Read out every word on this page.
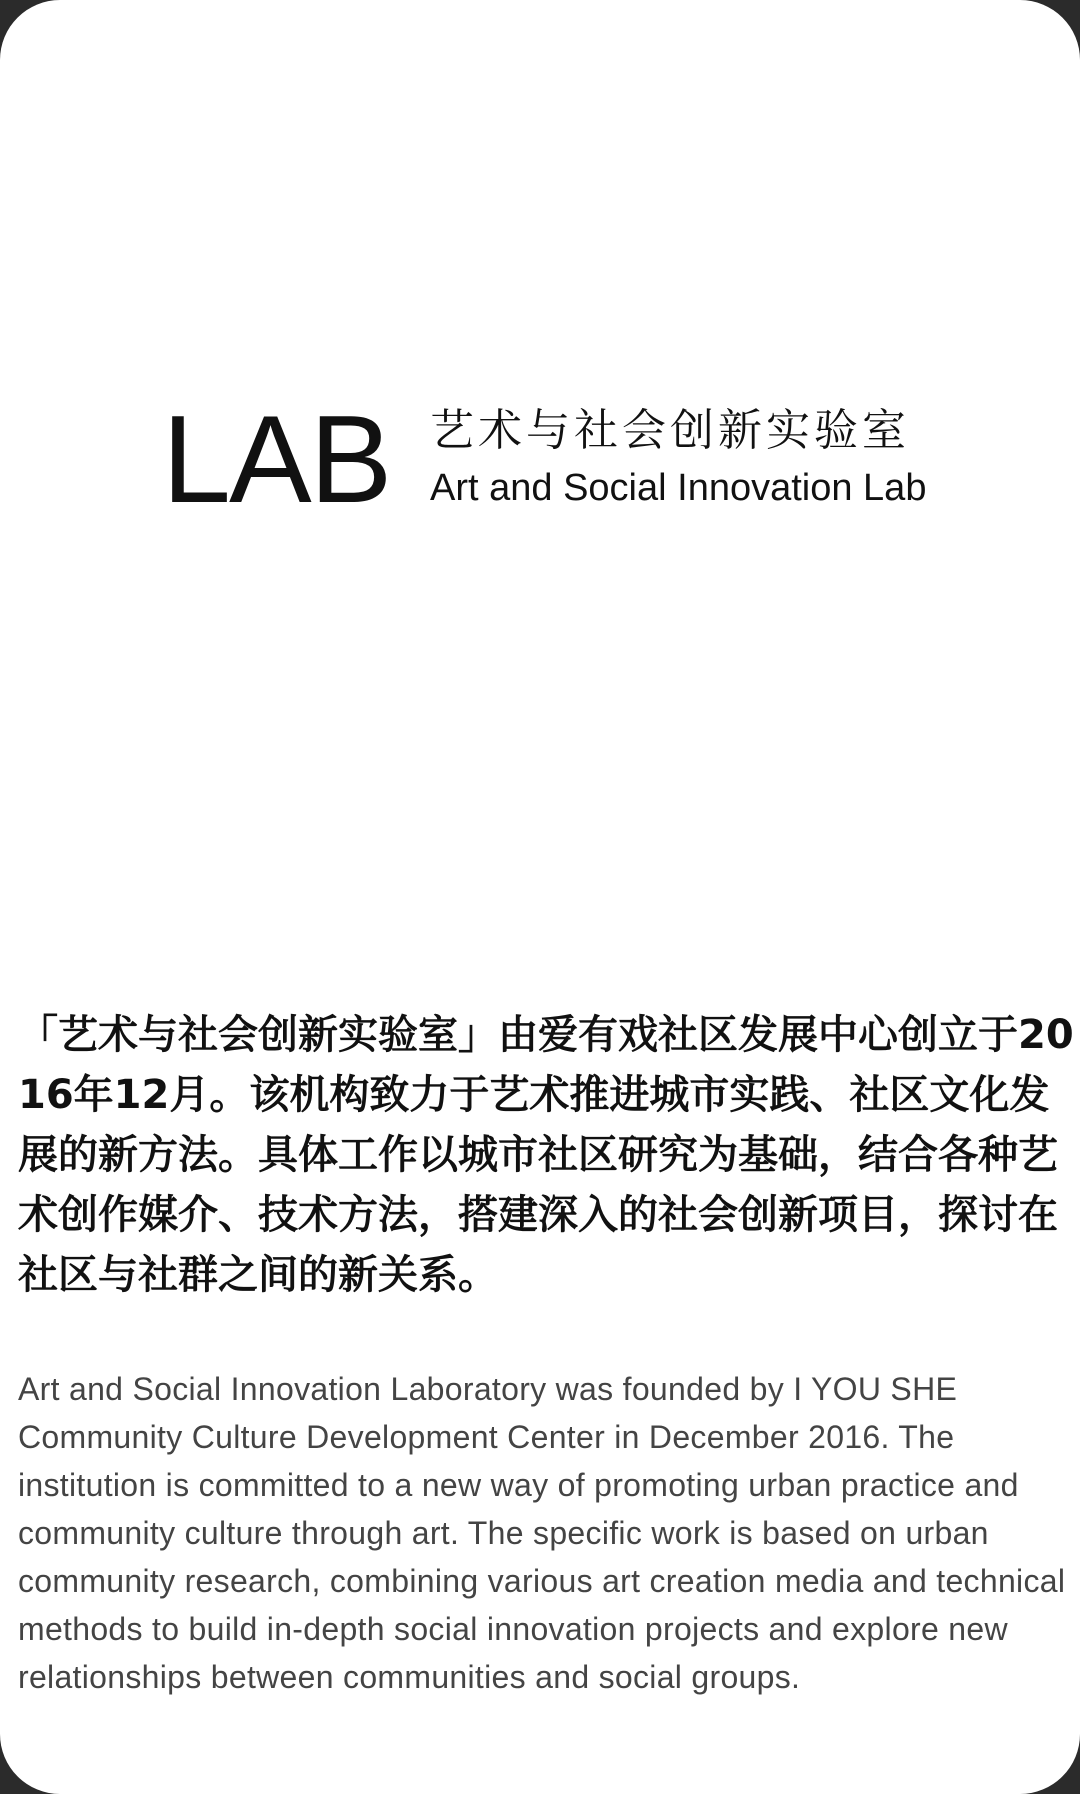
LAB 艺术与社会创新实验室
Art and Social Innovation Lab
「艺术与社会创新实验室」由爱有戏社区发展中心创立于2016年12月。该机构致力于艺术推进城市实践、社区文化发展的新方法。具体工作以城市社区研究为基础，结合各种艺术创作媒介、技术方法，搭建深入的社会创新项目，探讨在社区与社群之间的新关系。
Art and Social Innovation Laboratory was founded by I YOU SHE Community Culture Development Center in December 2016. The institution is committed to a new way of promoting urban practice and community culture through art. The specific work is based on urban community research, combining various art creation media and technical methods to build in-depth social innovation projects and explore new relationships between communities and social groups.
